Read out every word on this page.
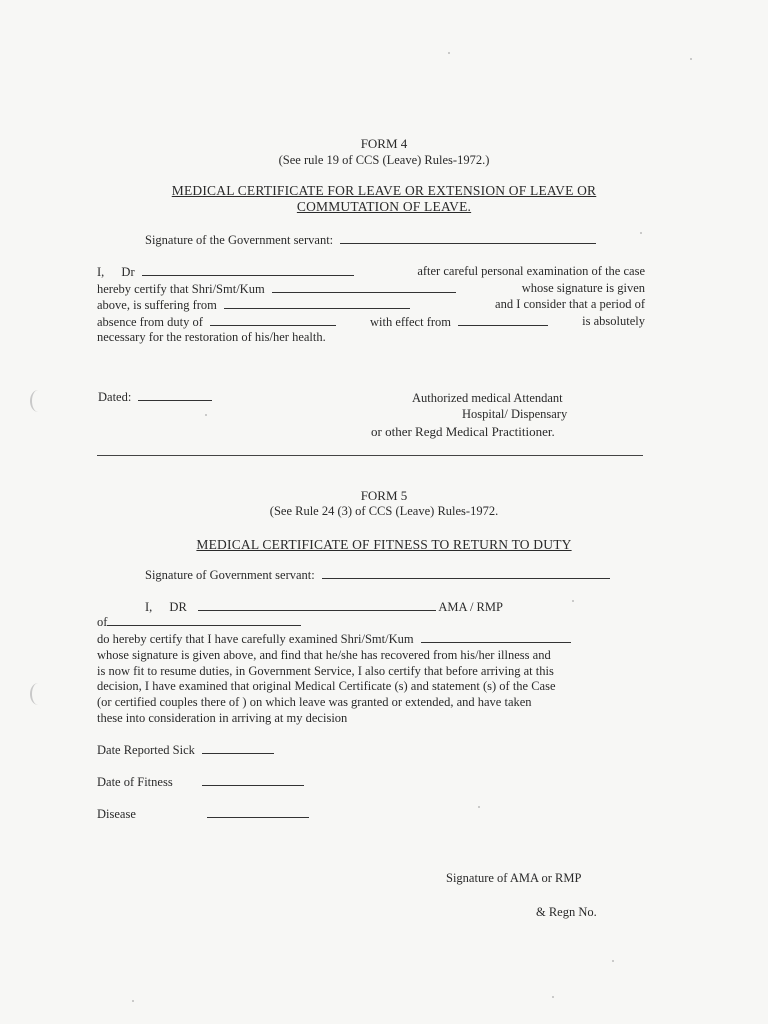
FORM 4
(See rule 19 of CCS (Leave) Rules-1972.)
MEDICAL CERTIFICATE FOR LEAVE OR EXTENSION OF LEAVE OR
COMMUTATION OF LEAVE.
Signature of the Government servant:
I, Dr	after careful personal examination of the case
hereby certify that Shri/Smt/Kum	whose signature is given
above, is suffering from	and I consider that a period of
absence from duty of	with effect from	is absolutely
necessary for the restoration of his/her health.
Dated:	Authorized medical Attendant
Hospital/ Dispensary
or other Regd Medical Practitioner.
FORM 5
(See Rule 24 (3) of CCS (Leave) Rules-1972.
MEDICAL CERTIFICATE OF FITNESS TO RETURN TO DUTY
Signature of Government servant:
I, DR	AMA / RMP
of
do hereby certify that I have carefully examined Shri/Smt/Kum
whose signature is given above, and find that he/she has recovered from his/her illness and
is now fit to resume duties, in Government Service, I also certify that before arriving at this
decision, I have examined that original Medical Certificate (s) and statement (s) of the Case
(or certified couples there of ) on which leave was granted or extended, and have taken
these into consideration in arriving at my decision
Date Reported Sick
Date of Fitness
Disease
Signature of AMA or RMP
& Regn No.
